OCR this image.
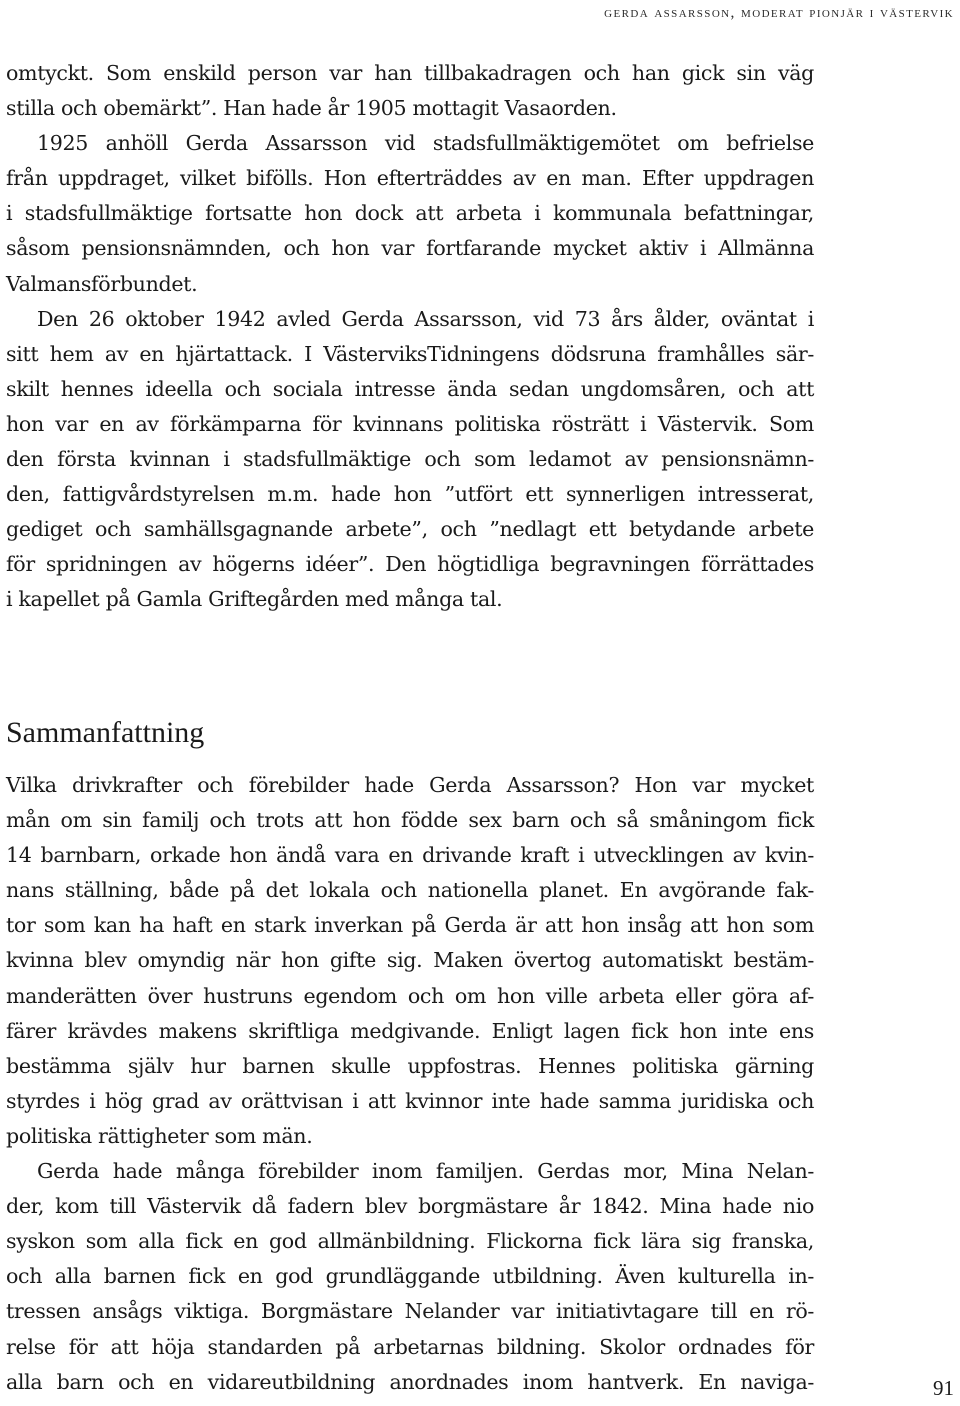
gerda assarsson, moderat pionjär i västervik
omtyckt. Som enskild person var han tillbakadragen och han gick sin väg
stilla och obemärkt”. Han hade år 1905 mottagit Vasaorden.
1925 anhöll Gerda Assarsson vid stadsfullmäktigemötet om befrielse
från uppdraget, vilket bifölls. Hon efterträddes av en man. Efter uppdragen
i stadsfullmäktige fortsatte hon dock att arbeta i kommunala befattningar,
såsom pensionsnämnden, och hon var fortfarande mycket aktiv i Allmänna
Valmansförbundet.
Den 26 oktober 1942 avled Gerda Assarsson, vid 73 års ålder, oväntat i
sitt hem av en hjärtattack. I VästerviksTidningens dödsruna framhålles sär-
skilt hennes ideella och sociala intresse ända sedan ungdomsåren, och att
hon var en av förkämparna för kvinnans politiska rösträtt i Västervik. Som
den första kvinnan i stadsfullmäktige och som ledamot av pensionsnämn-
den, fattigvårdstyrelsen m.m. hade hon ”utfört ett synnerligen intresserat,
gediget och samhällsgagnande arbete”, och ”nedlagt ett betydande arbete
för spridningen av högerns idéer”. Den högtidliga begravningen förrättades
i kapellet på Gamla Griftegården med många tal.
Sammanfattning
Vilka drivkrafter och förebilder hade Gerda Assarsson? Hon var mycket
mån om sin familj och trots att hon födde sex barn och så småningom fick
14 barnbarn, orkade hon ändå vara en drivande kraft i utvecklingen av kvin-
nans ställning, både på det lokala och nationella planet. En avgörande fak-
tor som kan ha haft en stark inverkan på Gerda är att hon insåg att hon som
kvinna blev omyndig när hon gifte sig. Maken övertog automatiskt bestäm-
manderätten över hustruns egendom och om hon ville arbeta eller göra af-
färer krävdes makens skriftliga medgivande. Enligt lagen fick hon inte ens
bestämma själv hur barnen skulle uppfostras. Hennes politiska gärning
styrdes i hög grad av orättvisan i att kvinnor inte hade samma juridiska och
politiska rättigheter som män.
Gerda hade många förebilder inom familjen. Gerdas mor, Mina Nelan-
der, kom till Västervik då fadern blev borgmästare år 1842. Mina hade nio
syskon som alla fick en god allmänbildning. Flickorna fick lära sig franska,
och alla barnen fick en god grundläggande utbildning. Även kulturella in-
tressen ansågs viktiga. Borgmästare Nelander var initiativtagare till en rö-
relse för att höja standarden på arbetarnas bildning. Skolor ordnades för
alla barn och en vidareutbildning anordnades inom hantverk. En naviga-	91
